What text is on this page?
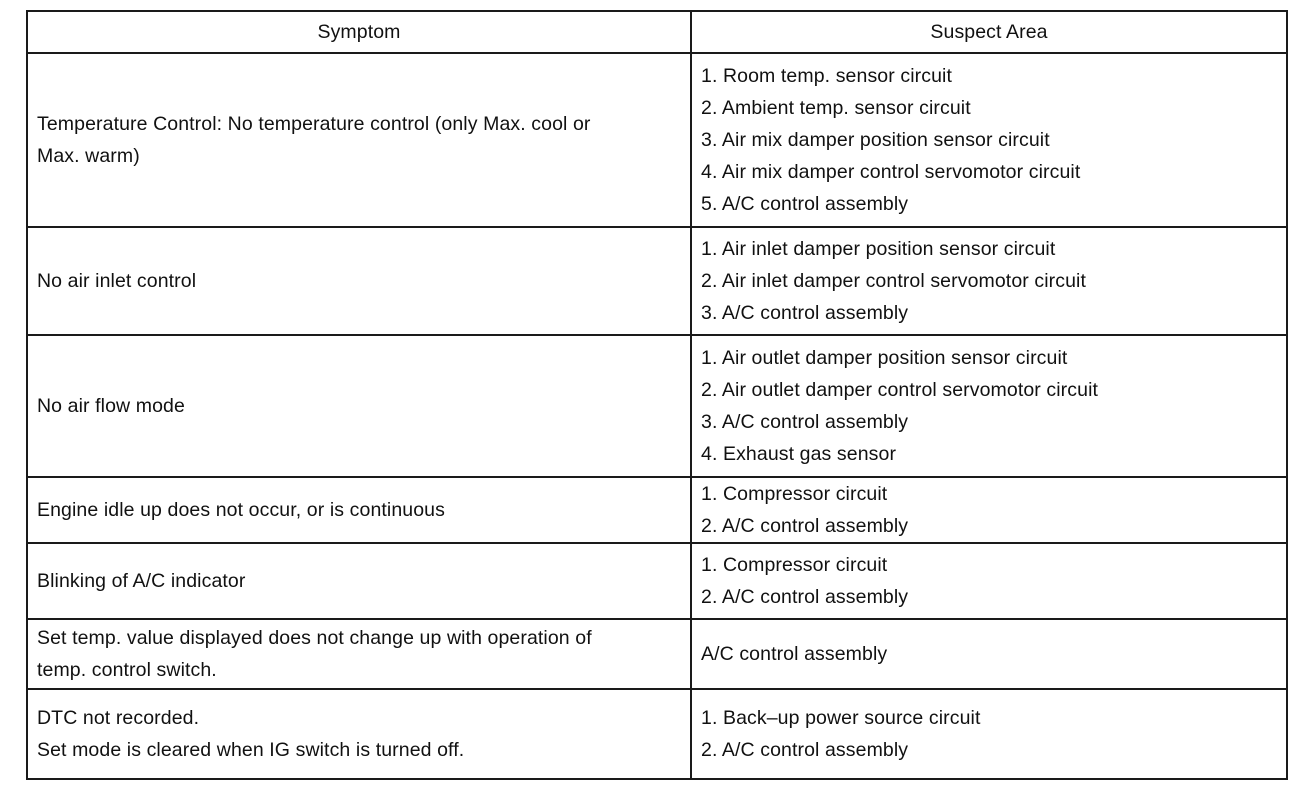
Symptom	Suspect Area
Temperature Control: No temperature control (only Max. cool or
Max. warm)
1. Room temp. sensor circuit
2. Ambient temp. sensor circuit
3. Air mix damper position sensor circuit
4. Air mix damper control servomotor circuit
5. A/C control assembly
No air inlet control
1. Air inlet damper position sensor circuit
2. Air inlet damper control servomotor circuit
3. A/C control assembly
No air flow mode
1. Air outlet damper position sensor circuit
2. Air outlet damper control servomotor circuit
3. A/C control assembly
4. Exhaust gas sensor
Engine idle up does not occur, or is continuous
1. Compressor circuit
2. A/C control assembly
Blinking of A/C indicator
1. Compressor circuit
2. A/C control assembly
Set temp. value displayed does not change up with operation of
temp. control switch.
A/C control assembly
DTC not recorded.
Set mode is cleared when IG switch is turned off.
1. Back–up power source circuit
2. A/C control assembly
